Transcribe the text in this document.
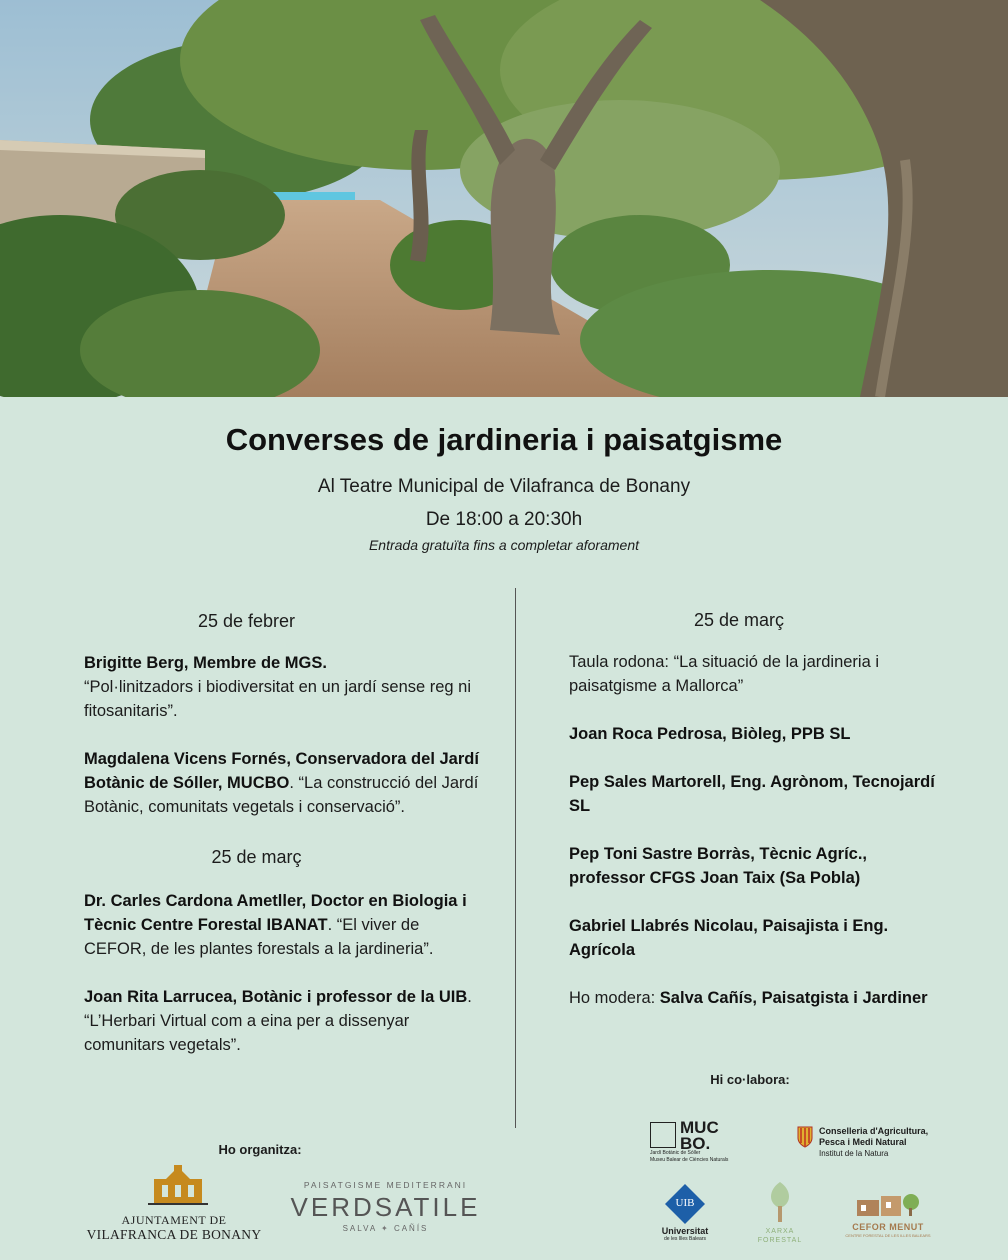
Converses de jardineria i paisatgisme
Al Teatre Municipal de Vilafranca de Bonany
De 18:00 a 20:30h
Entrada gratuïta fins a completar aforament
25 de febrer

Brigitte Berg, Membre de MGS.
“Pol·linitzadors i biodiversitat en un jardí sense reg ni fitosanitaris”.

Magdalena Vicens Fornés, Conservadora del Jardí Botànic de Sóller, MUCBO. “La construcció del Jardí Botànic, comunitats vegetals i conservació”.

25 de març

Dr. Carles Cardona Ametller, Doctor en Biologia i Tècnic Centre Forestal IBANAT. “El viver de CEFOR, de les plantes forestals a la jardineria”.

Joan Rita Larrucea, Botànic i professor de la UIB. “L’Herbari Virtual com a eina per a dissenyar comunitars vegetals”.

25 de març

Taula rodona: “La situació de la jardineria i paisatgisme a Mallorca”

Joan Roca Pedrosa, Biòleg, PPB SL

Pep Sales Martorell, Eng. Agrònom, Tecnojardí SL

Pep Toni Sastre Borràs, Tècnic Agríc., professor CFGS Joan Taix (Sa Pobla)

Gabriel Llabrés Nicolau, Paisajista i Eng. Agrícola

Ho modera: Salva Cañís, Paisatgista i Jardiner

Ho organitza:
AJUNTAMENT DE
VILAFRANCA DE BONANY
PAISATGISME MEDITERRANI
VERDSATILE
SALVA ✦ CAÑÍS
Hi co·labora:
MUC BO.
Jardí Botànic de Sóller
Museu Balear de Ciències Naturals
Conselleria d'Agricultura,
Pesca i Medi Natural
Institut de la Natura
UIB
Universitat
de les Illes Balears
XARXA
FORESTAL
CEFOR MENUT
CENTRE FORESTAL DE LES ILLES BALEARS
